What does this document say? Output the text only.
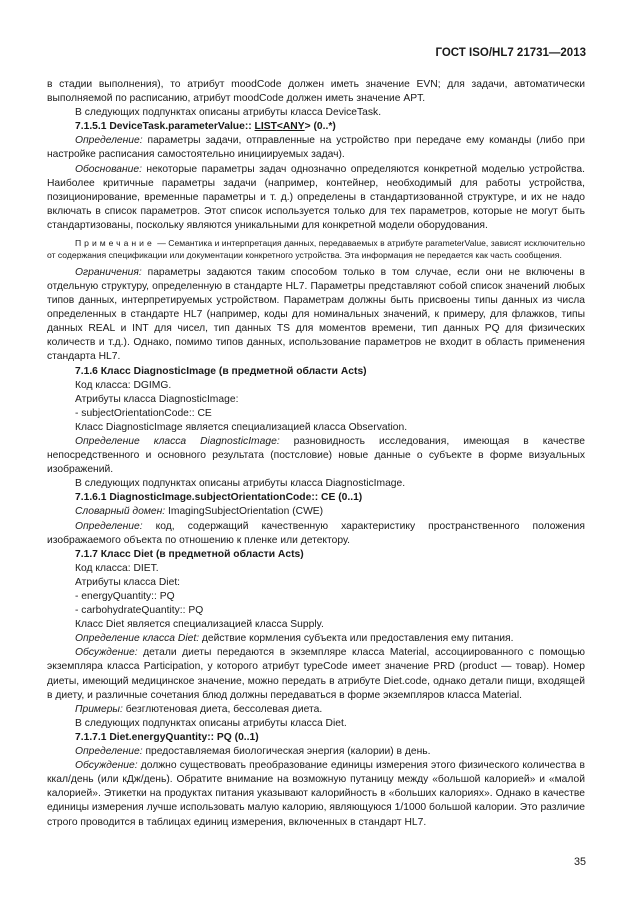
ГОСТ ISO/HL7 21731—2013

в стадии выполнения), то атрибут moodCode должен иметь значение EVN; для задачи, автоматически выполняемой по расписанию, атрибут moodCode должен иметь значение APT.

В следующих подпунктах описаны атрибуты класса DeviceTask.

7.1.5.1 DeviceTask.parameterValue:: LIST<ANY> (0..*)

Определение: параметры задачи, отправленные на устройство при передаче ему команды (либо при настройке расписания самостоятельно инициируемых задач).

Обоснование: некоторые параметры задач однозначно определяются конкретной моделью устройства. Наиболее критичные параметры задачи (например, контейнер, необходимый для работы устройства, позиционирование, временные параметры и т. д.) определены в стандартизованной структуре, и их не надо включать в список параметров. Этот список используется только для тех параметров, которые не могут быть стандартизованы, поскольку являются уникальными для конкретной модели оборудования.

Примечание — Семантика и интерпретация данных, передаваемых в атрибуте parameterValue, зависят исключительно от содержания спецификации или документации конкретного устройства. Эта информация не передается как часть сообщения.

Ограничения: параметры задаются таким способом только в том случае, если они не включены в отдельную структуру, определенную в стандарте HL7. Параметры представляют собой список значений любых типов данных, интерпретируемых устройством. Параметрам должны быть присвоены типы данных из числа определенных в стандарте HL7 (например, коды для номинальных значений, к примеру, для флажков, типы данных REAL и INT для чисел, тип данных TS для моментов времени, тип данных PQ для физических количеств и т.д.). Однако, помимо типов данных, использование параметров не входит в область применения стандарта HL7.

7.1.6 Класс DiagnosticImage (в предметной области Acts)

Код класса: DGIMG.

Атрибуты класса DiagnosticImage:

- subjectOrientationCode:: CE

Класс DiagnosticImage является специализацией класса Observation.

Определение класса DiagnosticImage: разновидность исследования, имеющая в качестве непосредственного и основного результата (постсловие) новые данные о субъекте в форме визуальных изображений.

В следующих подпунктах описаны атрибуты класса DiagnosticImage.

7.1.6.1 DiagnosticImage.subjectOrientationCode:: CE (0..1)

Словарный домен: ImagingSubjectOrientation (CWE)

Определение: код, содержащий качественную характеристику пространственного положения изображаемого объекта по отношению к пленке или детектору.

7.1.7 Класс Diet (в предметной области Acts)

Код класса: DIET.

Атрибуты класса Diet:

- energyQuantity:: PQ

- carbohydrateQuantity:: PQ

Класс Diet является специализацией класса Supply.

Определение класса Diet: действие кормления субъекта или предоставления ему питания.

Обсуждение: детали диеты передаются в экземпляре класса Material, ассоциированного с помощью экземпляра класса Participation, у которого атрибут typeCode имеет значение PRD (product — товар). Номер диеты, имеющий медицинское значение, можно передать в атрибуте Diet.code, однако детали пищи, входящей в диету, и различные сочетания блюд должны передаваться в форме экземпляров класса Material.

Примеры: безглютеновая диета, бессолевая диета.

В следующих подпунктах описаны атрибуты класса Diet.

7.1.7.1 Diet.energyQuantity:: PQ (0..1)

Определение: предоставляемая биологическая энергия (калории) в день.

Обсуждение: должно существовать преобразование единицы измерения этого физического количества в ккал/день (или кДж/день). Обратите внимание на возможную путаницу между «большой калорией» и «малой калорией». Этикетки на продуктах питания указывают калорийность в «больших калориях». Однако в качестве единицы измерения лучше использовать малую калорию, являющуюся 1/1000 большой калории. Это различие строго проводится в таблицах единиц измерения, включенных в стандарт HL7.

35
